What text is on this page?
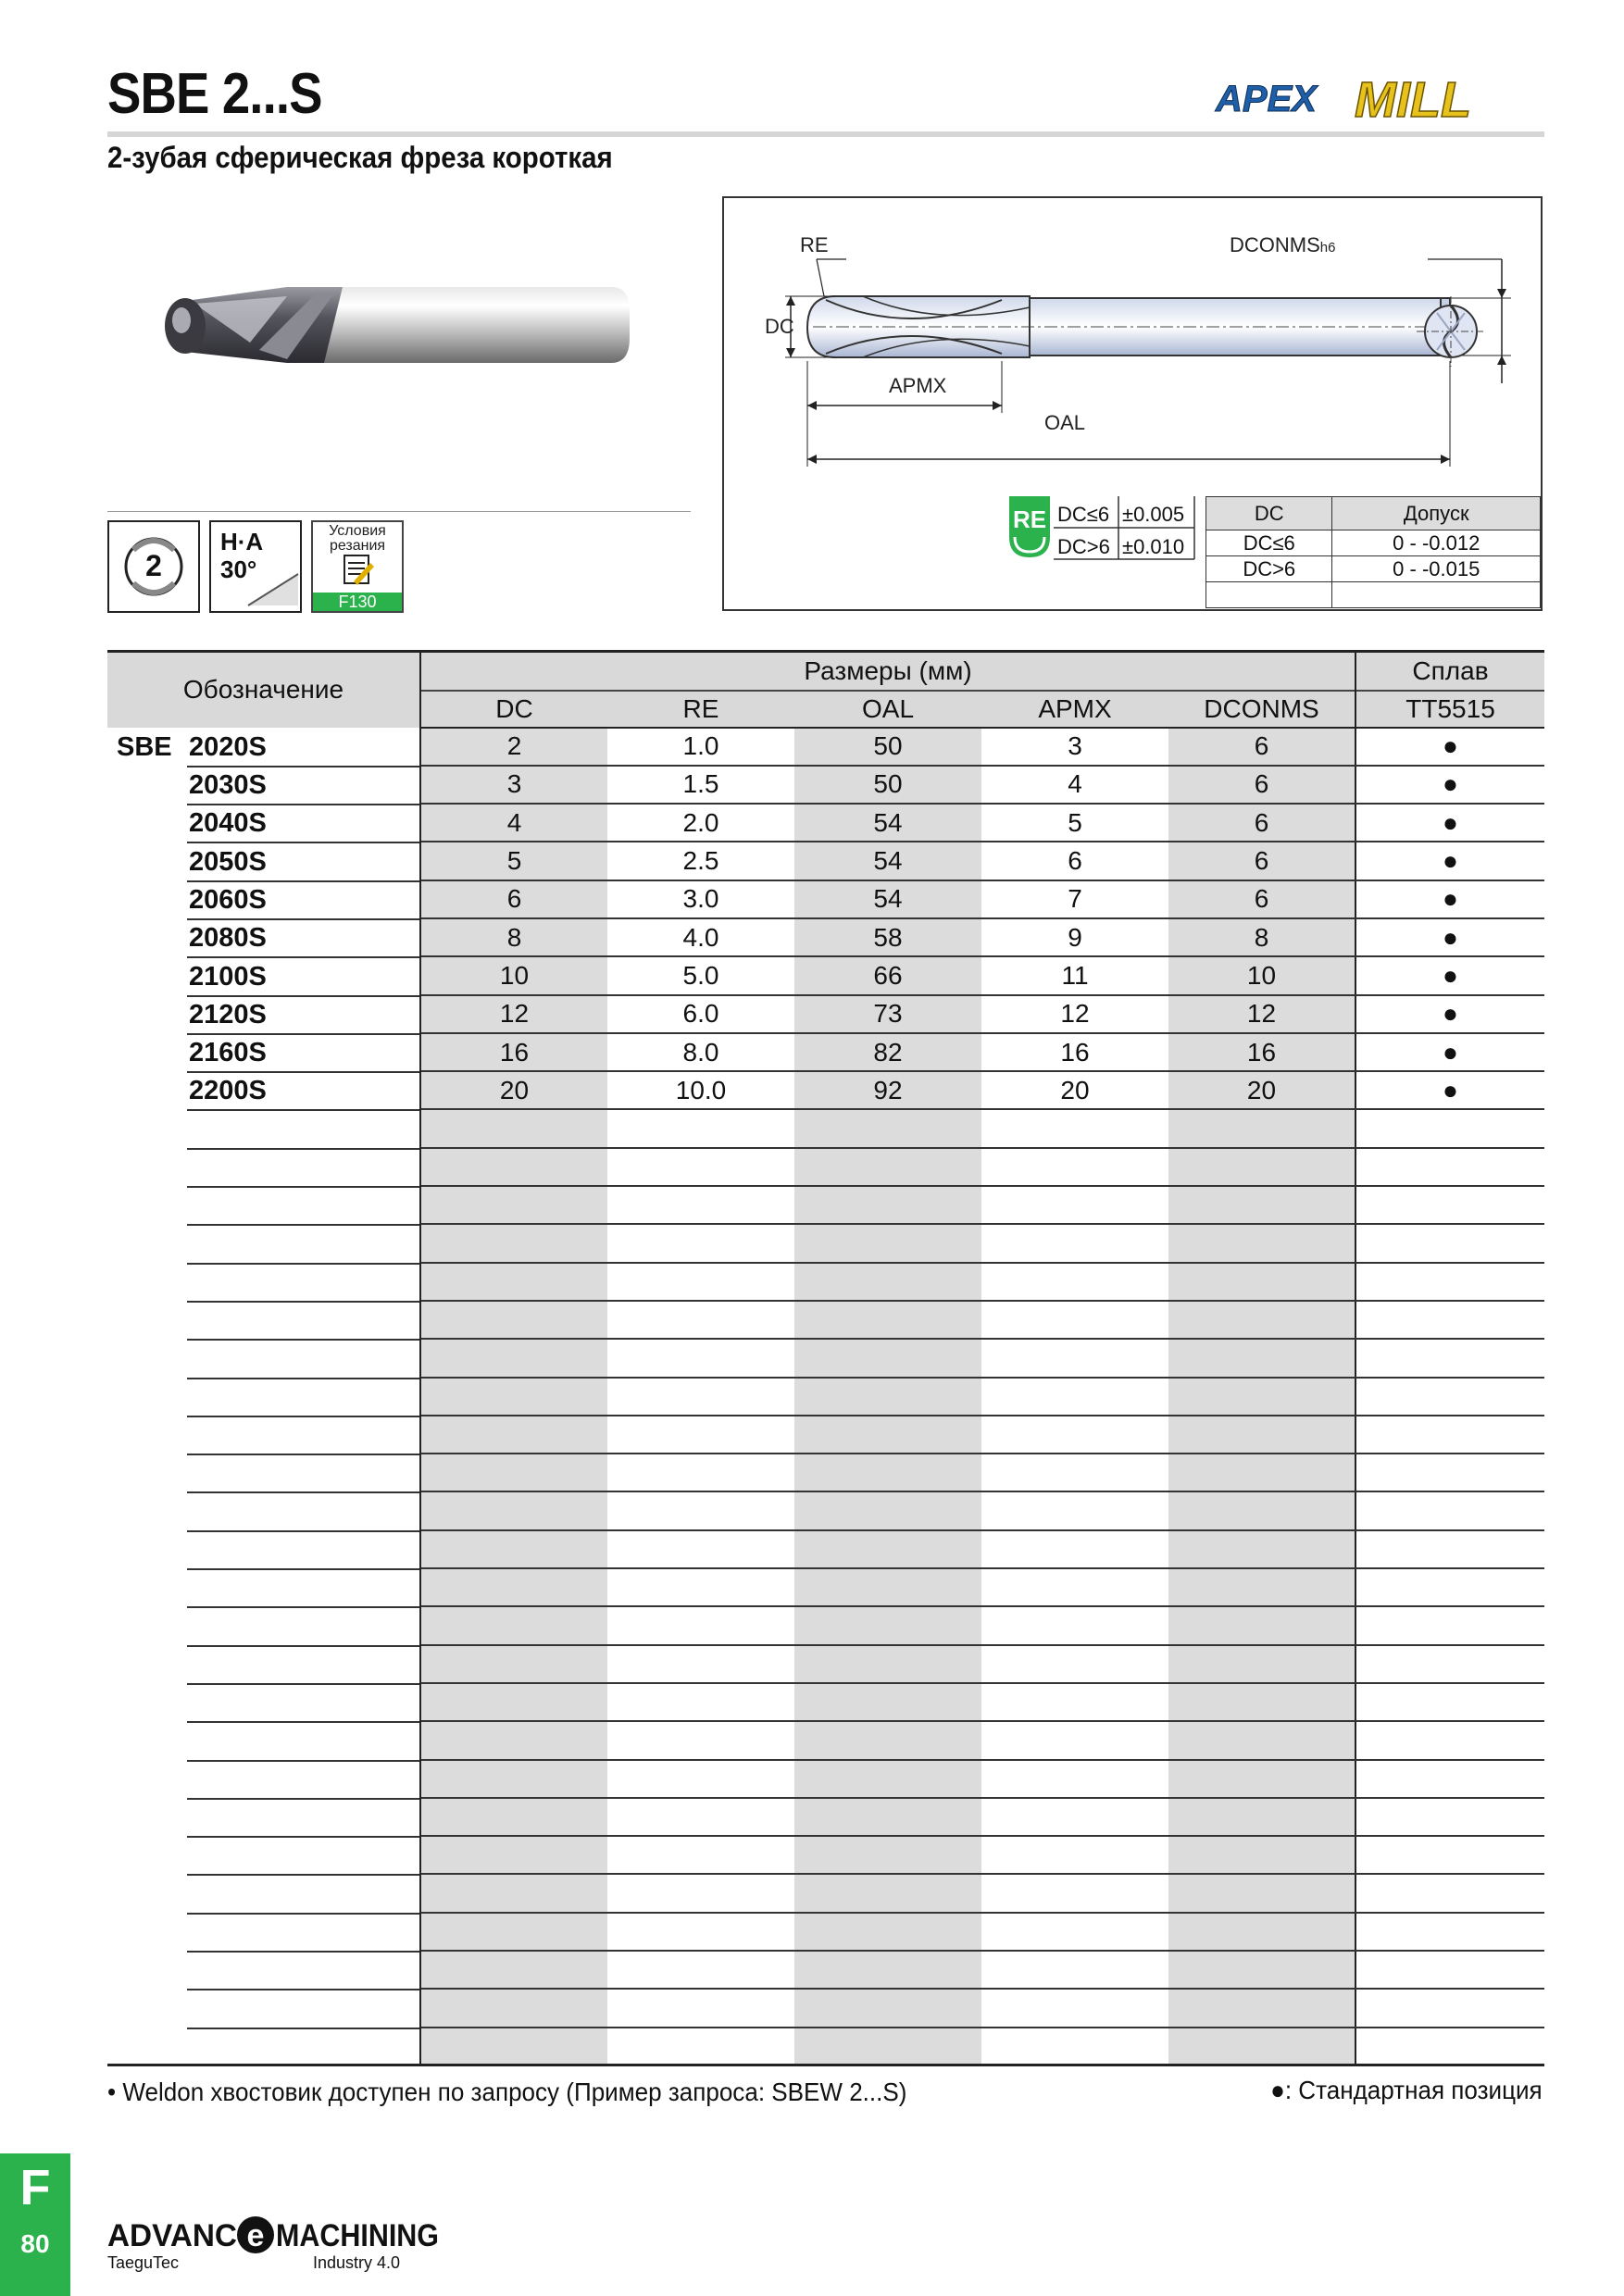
SBE 2...S
2-зубая сферическая фреза короткая
APEX MILL
2
H·A
30°
Условия
резания
F130
RE	DCONMSh6
DC
APMX
OAL
RE DC≤6 ±0.005
DC>6 ±0.010
DC	Допуск
DC≤6	0 - -0.012
DC>6	0 - -0.015

Обозначение	Размеры (мм)					Сплав
	DC	RE	OAL	APMX	DCONMS	TT5515

SBE 2020S	2	1.0	50	3	6	●

2030S	3	1.5	50	4	6	●

2040S	4	2.0	54	5	6	●

2050S	5	2.5	54	6	6	●

2060S	6	3.0	54	7	6	●

2080S	8	4.0	58	9	8	●

2100S	10	5.0	66	11	10	●

2120S	12	6.0	73	12	12	●

2160S	16	8.0	82	16	16	●

2200S	20	10.0	92	20	20	●

• Weldon хвостовик доступен по запросу (Пример запроса: SBEW 2...S)	●: Стандартная позиция
F
80	ADVANC e MACHINING
TaeguTec	Industry 4.0
